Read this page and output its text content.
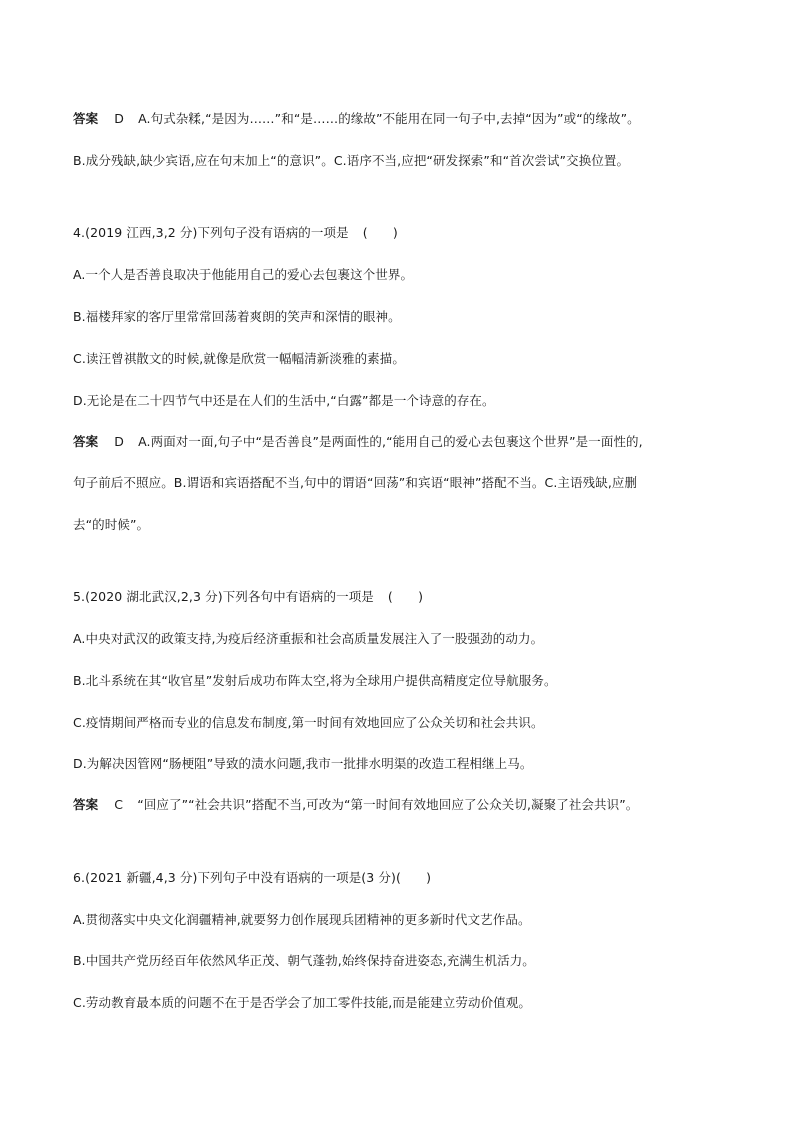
答案 D A.句式杂糅,“是因为……”和“是……的缘故”不能用在同一句子中,去掉“因为”或“的缘故”。
B.成分残缺,缺少宾语,应在句末加上“的意识”。C.语序不当,应把“研发探索”和“首次尝试”交换位置。
4.(2019 江西,3,2 分)下列句子没有语病的一项是 (　　)
A.一个人是否善良取决于他能用自己的爱心去包裹这个世界。
B.福楼拜家的客厅里常常回荡着爽朗的笑声和深情的眼神。
C.读汪曾祺散文的时候,就像是欣赏一幅幅清新淡雅的素描。
D.无论是在二十四节气中还是在人们的生活中,“白露”都是一个诗意的存在。
答案 D A.两面对一面,句子中“是否善良”是两面性的,“能用自己的爱心去包裹这个世界”是一面性的,
句子前后不照应。B.谓语和宾语搭配不当,句中的谓语“回荡”和宾语“眼神”搭配不当。C.主语残缺,应删
去“的时候”。
5.(2020 湖北武汉,2,3 分)下列各句中有语病的一项是 (　　)
A.中央对武汉的政策支持,为疫后经济重振和社会高质量发展注入了一股强劲的动力。
B.北斗系统在其“收官星”发射后成功布阵太空,将为全球用户提供高精度定位导航服务。
C.疫情期间严格而专业的信息发布制度,第一时间有效地回应了公众关切和社会共识。
D.为解决因管网“肠梗阻”导致的渍水问题,我市一批排水明渠的改造工程相继上马。
答案 C “回应了”“社会共识”搭配不当,可改为“第一时间有效地回应了公众关切,凝聚了社会共识”。
6.(2021 新疆,4,3 分)下列句子中没有语病的一项是(3 分)(　　)
A.贯彻落实中央文化润疆精神,就要努力创作展现兵团精神的更多新时代文艺作品。
B.中国共产党历经百年依然风华正茂、朝气蓬勃,始终保持奋进姿态,充满生机活力。
C.劳动教育最本质的问题不在于是否学会了加工零件技能,而是能建立劳动价值观。
